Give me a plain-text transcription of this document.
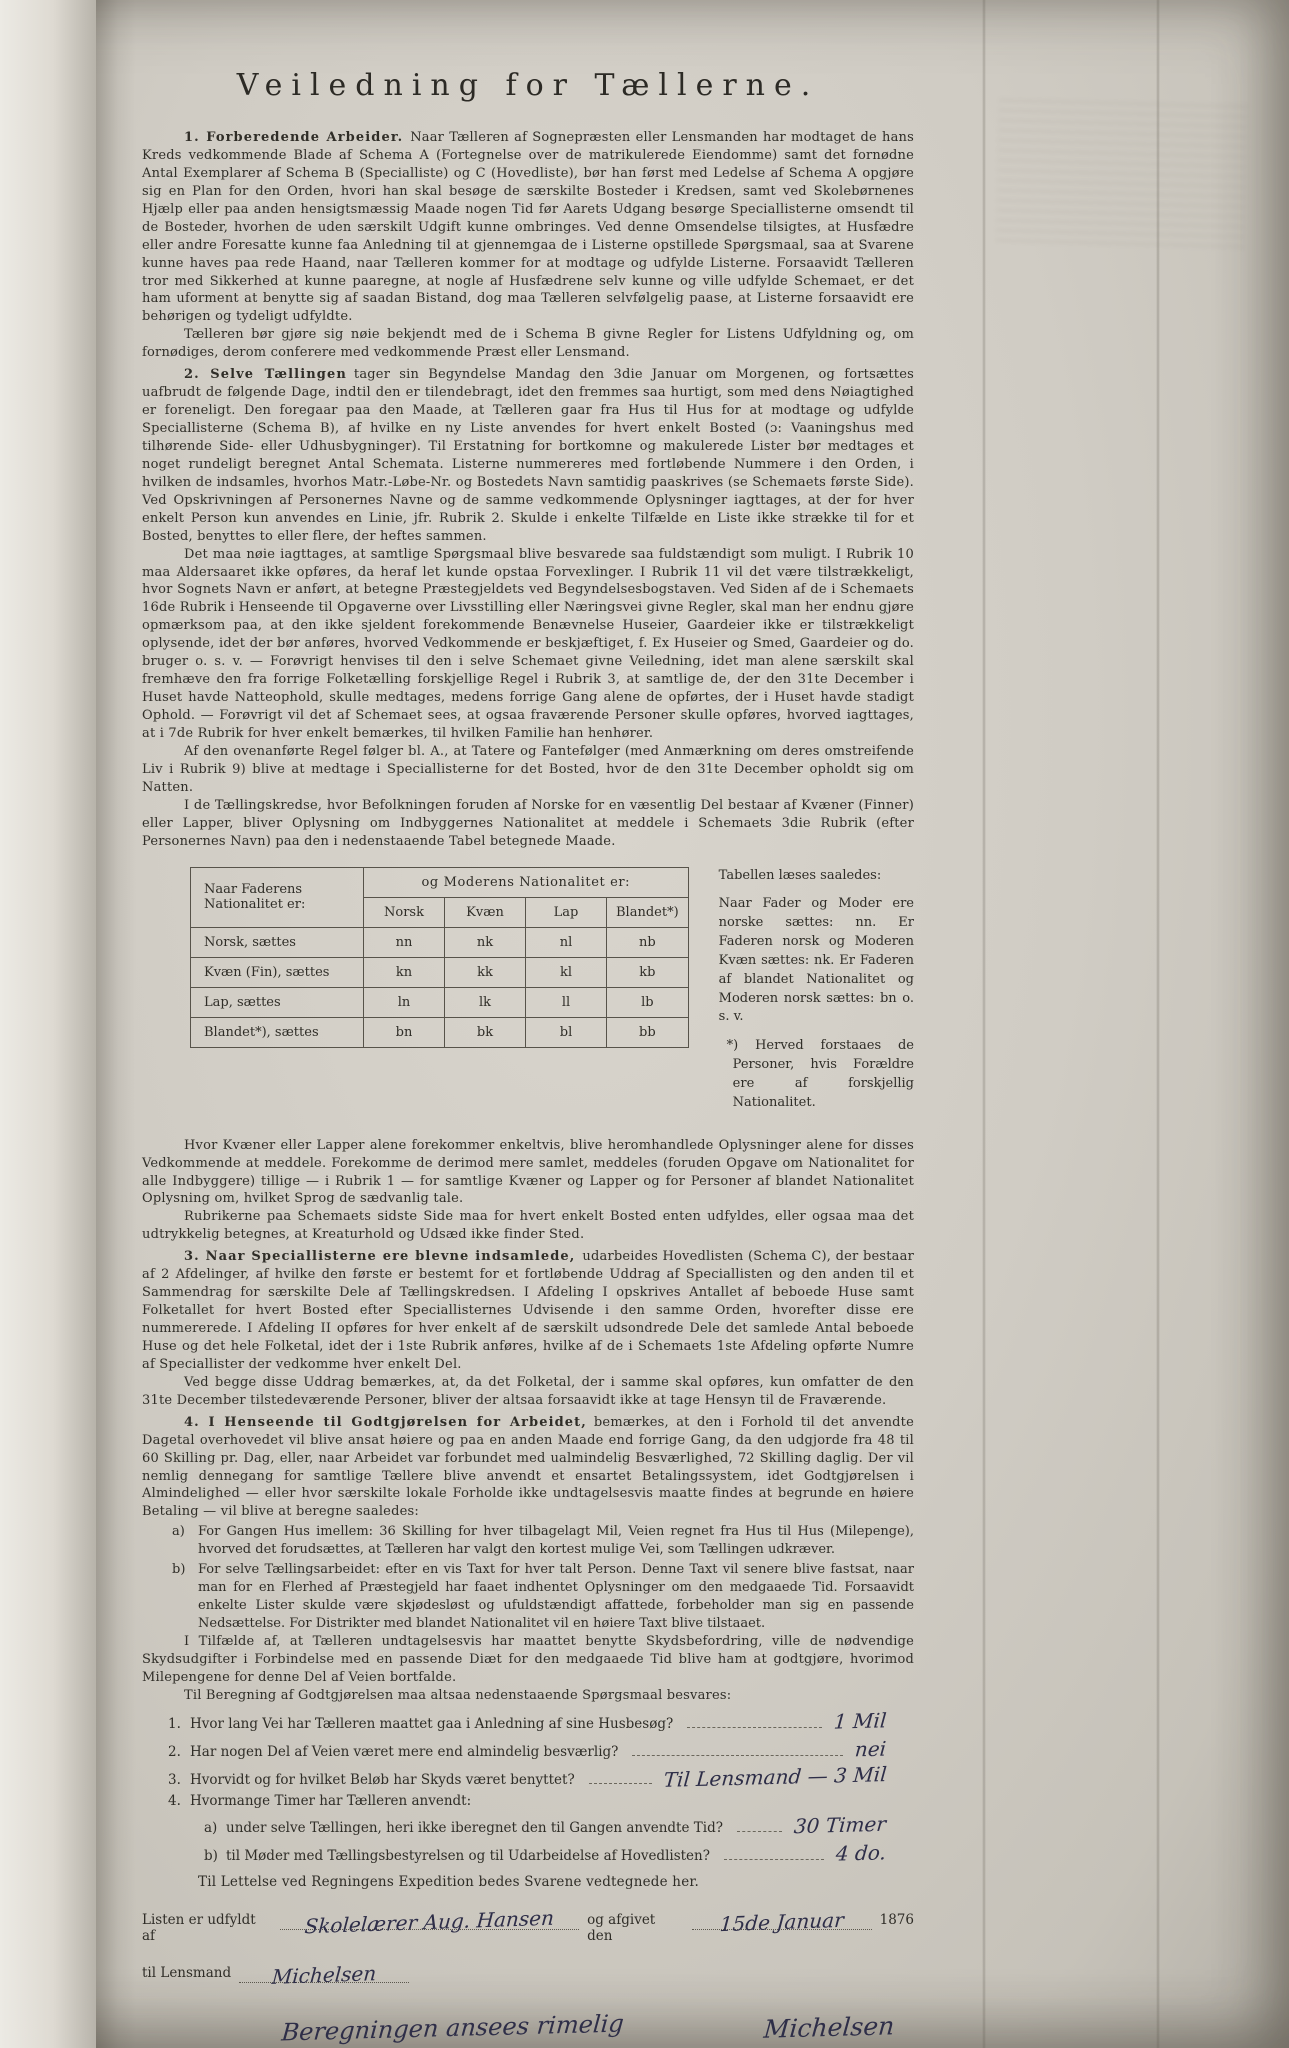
Veiledning for Tællerne.

1. Forberedende Arbeider. Naar Tælleren af Sognepræsten eller Lensmanden har modtaget de hans Kreds vedkommende Blade af Schema A (Fortegnelse over de matrikulerede Eiendomme) samt det fornødne Antal Exemplarer af Schema B (Specialliste) og C (Hovedliste), bør han først med Ledelse af Schema A opgjøre sig en Plan for den Orden, hvori han skal besøge de særskilte Bosteder i Kredsen, samt ved Skolebørnenes Hjælp eller paa anden hensigtsmæssig Maade nogen Tid før Aarets Udgang besørge Speciallisterne omsendt til de Bosteder, hvorhen de uden særskilt Udgift kunne ombringes. Ved denne Omsendelse tilsigtes, at Husfædre eller andre Foresatte kunne faa Anledning til at gjennemgaa de i Listerne opstillede Spørgsmaal, saa at Svarene kunne haves paa rede Haand, naar Tælleren kommer for at modtage og udfylde Listerne. Forsaavidt Tælleren tror med Sikkerhed at kunne paaregne, at nogle af Husfædrene selv kunne og ville udfylde Schemaet, er det ham uforment at benytte sig af saadan Bistand, dog maa Tælleren selvfølgelig paase, at Listerne forsaavidt ere behørigen og tydeligt udfyldte.

Tælleren bør gjøre sig nøie bekjendt med de i Schema B givne Regler for Listens Udfyldning og, om fornødiges, derom conferere med vedkommende Præst eller Lensmand.

2. Selve Tællingen tager sin Begyndelse Mandag den 3die Januar om Morgenen, og fortsættes uafbrudt de følgende Dage, indtil den er tilendebragt, idet den fremmes saa hurtigt, som med dens Nøiagtighed er foreneligt. Den foregaar paa den Maade, at Tælleren gaar fra Hus til Hus for at modtage og udfylde Speciallisterne (Schema B), af hvilke en ny Liste anvendes for hvert enkelt Bosted (ɔ: Vaaningshus med tilhørende Side- eller Udhusbygninger). Til Erstatning for bortkomne og makulerede Lister bør medtages et noget rundeligt beregnet Antal Schemata. Listerne nummereres med fortløbende Nummere i den Orden, i hvilken de indsamles, hvorhos Matr.-Løbe-Nr. og Bostedets Navn samtidig paaskrives (se Schemaets første Side). Ved Opskrivningen af Personernes Navne og de samme vedkommende Oplysninger iagttages, at der for hver enkelt Person kun anvendes en Linie, jfr. Rubrik 2. Skulde i enkelte Tilfælde en Liste ikke strække til for et Bosted, benyttes to eller flere, der heftes sammen.

Det maa nøie iagttages, at samtlige Spørgsmaal blive besvarede saa fuldstændigt som muligt. I Rubrik 10 maa Aldersaaret ikke opføres, da heraf let kunde opstaa Forvexlinger. I Rubrik 11 vil det være tilstrækkeligt, hvor Sognets Navn er anført, at betegne Præstegjeldets ved Begyndelsesbogstaven. Ved Siden af de i Schemaets 16de Rubrik i Henseende til Opgaverne over Livsstilling eller Næringsvei givne Regler, skal man her endnu gjøre opmærksom paa, at den ikke sjeldent forekommende Benævnelse Huseier, Gaardeier ikke er tilstrækkeligt oplysende, idet der bør anføres, hvorved Vedkommende er beskjæftiget, f. Ex Huseier og Smed, Gaardeier og do. bruger o. s. v. — Forøvrigt henvises til den i selve Schemaet givne Veiledning, idet man alene særskilt skal fremhæve den fra forrige Folketælling forskjellige Regel i Rubrik 3, at samtlige de, der den 31te December i Huset havde Natteophold, skulle medtages, medens forrige Gang alene de opførtes, der i Huset havde stadigt Ophold. — Forøvrigt vil det af Schemaet sees, at ogsaa fraværende Personer skulle opføres, hvorved iagttages, at i 7de Rubrik for hver enkelt bemærkes, til hvilken Familie han henhører.

Af den ovenanførte Regel følger bl. A., at Tatere og Fantefølger (med Anmærkning om deres omstreifende Liv i Rubrik 9) blive at medtage i Speciallisterne for det Bosted, hvor de den 31te December opholdt sig om Natten.

I de Tællingskredse, hvor Befolkningen foruden af Norske for en væsentlig Del bestaar af Kvæner (Finner) eller Lapper, bliver Oplysning om Indbyggernes Nationalitet at meddele i Schemaets 3die Rubrik (efter Personernes Navn) paa den i nedenstaaende Tabel betegnede Maade.

Naar Faderens
Nationalitet er:	og Moderens Nationalitet er:			
	Norsk	Kvæn	Lap	Blandet*)
Norsk, sættes	nn	nk	nl	nb
Kvæn (Fin), sættes	kn	kk	kl	kb
Lap, sættes	ln	lk	ll	lb
Blandet*), sættes	bn	bk	bl	bb

Tabellen læses saaledes:

Naar Fader og Moder ere norske sættes: nn. Er Faderen norsk og Moderen Kvæn sættes: nk. Er Faderen af blandet Nationalitet og Moderen norsk sættes: bn o. s. v.

*) Herved forstaaes de Personer, hvis Forældre ere af forskjellig Nationalitet.

Hvor Kvæner eller Lapper alene forekommer enkeltvis, blive heromhandlede Oplysninger alene for disses Vedkommende at meddele. Forekomme de derimod mere samlet, meddeles (foruden Opgave om Nationalitet for alle Indbyggere) tillige — i Rubrik 1 — for samtlige Kvæner og Lapper og for Personer af blandet Nationalitet Oplysning om, hvilket Sprog de sædvanlig tale.

Rubrikerne paa Schemaets sidste Side maa for hvert enkelt Bosted enten udfyldes, eller ogsaa maa det udtrykkelig betegnes, at Kreaturhold og Udsæd ikke finder Sted.

3. Naar Speciallisterne ere blevne indsamlede, udarbeides Hovedlisten (Schema C), der bestaar af 2 Afdelinger, af hvilke den første er bestemt for et fortløbende Uddrag af Speciallisten og den anden til et Sammendrag for særskilte Dele af Tællingskredsen. I Afdeling I opskrives Antallet af beboede Huse samt Folketallet for hvert Bosted efter Speciallisternes Udvisende i den samme Orden, hvorefter disse ere nummererede. I Afdeling II opføres for hver enkelt af de særskilt udsondrede Dele det samlede Antal beboede Huse og det hele Folketal, idet der i 1ste Rubrik anføres, hvilke af de i Schemaets 1ste Afdeling opførte Numre af Speciallister der vedkomme hver enkelt Del.

Ved begge disse Uddrag bemærkes, at, da det Folketal, der i samme skal opføres, kun omfatter de den 31te December tilstedeværende Personer, bliver der altsaa forsaavidt ikke at tage Hensyn til de Fraværende.

4. I Henseende til Godtgjørelsen for Arbeidet, bemærkes, at den i Forhold til det anvendte Dagetal overhovedet vil blive ansat høiere og paa en anden Maade end forrige Gang, da den udgjorde fra 48 til 60 Skilling pr. Dag, eller, naar Arbeidet var forbundet med ualmindelig Besværlighed, 72 Skilling daglig. Der vil nemlig dennegang for samtlige Tællere blive anvendt et ensartet Betalingssystem, idet Godtgjørelsen i Almindelighed — eller hvor særskilte lokale Forholde ikke undtagelsesvis maatte findes at begrunde en høiere Betaling — vil blive at beregne saaledes:

a)	For Gangen Hus imellem: 36 Skilling for hver tilbagelagt Mil, Veien regnet fra Hus til Hus (Milepenge), hvorved det forudsættes, at Tælleren har valgt den kortest mulige Vei, som Tællingen udkræver.
b) For selve Tællingsarbeidet: efter en vis Taxt for hver talt Person. Denne Taxt vil senere blive fastsat, naar man for en Flerhed af Præstegjeld har faaet indhentet Oplysninger om den medgaaede Tid. Forsaavidt enkelte Lister skulde være skjødesløst og ufuldstændigt affattede, forbeholder man sig en passende Nedsættelse. For Distrikter med blandet Nationalitet vil en høiere Taxt blive tilstaaet.

I Tilfælde af, at Tælleren undtagelsesvis har maattet benytte Skydsbefordring, ville de nødvendige Skydsudgifter i Forbindelse med en passende Diæt for den medgaaede Tid blive ham at godtgjøre, hvorimod Milepengene for denne Del af Veien bortfalde.

Til Beregning af Godtgjørelsen maa altsaa nedenstaaende Spørgsmaal besvares:

1. Hvor lang Vei har Tælleren maattet gaa i Anledning af sine Husbesøg?	1 Mil
2. Har nogen Del af Veien været mere end almindelig besværlig?	nei
3. Hvorvidt og for hvilket Beløb har Skyds været benyttet?	Til Lensmand — 3 Mil
4. Hvormange Timer har Tælleren anvendt:
a) under selve Tællingen, heri ikke iberegnet den til Gangen anvendte Tid?	30 Timer
b) til Møder med Tællingsbestyrelsen og til Udarbeidelse af Hovedlisten?	4 do.

Til Lettelse ved Regningens Expedition bedes Svarene vedtegnede her.

Listen er udfyldt af	Skolelærer Aug. Hansen og afgivet den	15de Januar	1876
til Lensmand Michelsen
Beregningen ansees rimelig	Michelsen
